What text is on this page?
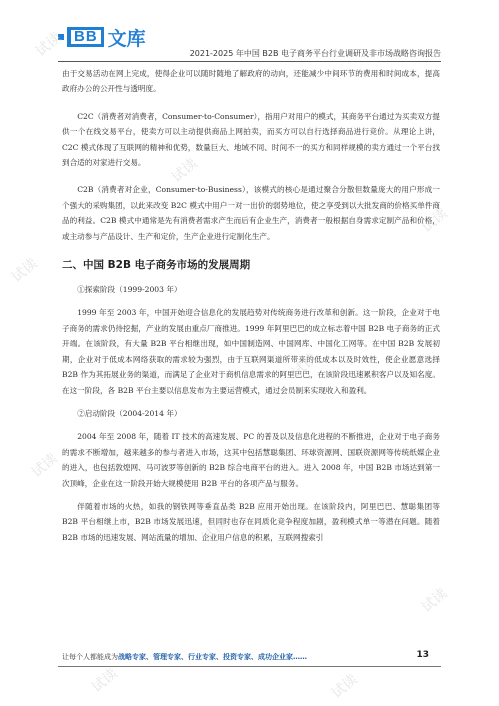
BB 文库
2021-2025 年中国 B2B 电子商务平台行业调研及非市场战略咨询报告

由于交易活动在网上完成，使得企业可以随时随地了解政府的动向，还能减少中间环节的费用和时间成本，提高政府办公的公开性与透明度。

C2C（消费者对消费者，Consumer-to-Consumer），指用户对用户的模式，其商务平台通过为买卖双方提供一个在线交易平台，使卖方可以主动提供商品上网拍卖，而买方可以自行选择商品进行竞价。从理论上讲，C2C 模式体现了互联网的精神和优势，数量巨大、地域不同、时间不一的买方和同样规模的卖方通过一个平台找到合适的对家进行交易。

C2B（消费者对企业，Consumer-to-Business），该模式的核心是通过聚合分散但数量庞大的用户形成一个强大的采购集团，以此来改变 B2C 模式中用户一对一出价的弱势地位，使之享受到以大批发商的价格买单件商品的利益。C2B 模式中通常是先有消费者需求产生而后有企业生产，消费者一般根据自身需求定制产品和价格，或主动参与产品设计、生产和定价，生产企业进行定制化生产。

二、中国 B2B 电子商务市场的发展周期

①探索阶段（1999-2003 年）

1999 年至 2003 年，中国开始迎合信息化的发展趋势对传统商务进行改革和创新。这一阶段，企业对于电子商务的需求仍待挖掘，产业的发展由重点厂商推进。1999 年阿里巴巴的成立标志着中国 B2B 电子商务的正式开端。在该阶段，有大量 B2B 平台相继出现，如中国制造网、中国网库、中国化工网等。在中国 B2B 发展初期，企业对于低成本网络获取的需求较为强烈，由于互联网渠道所带来的低成本以及时效性，使企业愿意选择 B2B 作为其拓展业务的渠道，而满足了企业对于商机信息需求的阿里巴巴，在该阶段迅速累积客户以及知名度。在这一阶段，各 B2B 平台主要以信息发布为主要运营模式，通过会员制来实现收入和盈利。

②启动阶段（2004-2014 年）

2004 年至 2008 年，随着 IT 技术的高速发展、PC 的普及以及信息化进程的不断推进，企业对于电子商务的需求不断增加，越来越多的参与者进入市场，这其中包括慧聪集团、环球资源网、国联资源网等传统纸媒企业的进入，也包括敦煌网、马可波罗等创新的 B2B 综合电商平台的进入。进入 2008 年，中国 B2B 市场达到第一次顶峰，企业在这一阶段开始大规模使用 B2B 平台的各项产品与服务。

伴随着市场的火热，如我的钢铁网等垂直品类 B2B 应用开始出现。在该阶段内，阿里巴巴、慧聪集团等 B2B 平台相继上市，B2B 市场发展迅速，但同时也存在同质化竞争程度加剧，盈利模式单一等潜在问题。随着 B2B 市场的迅速发展、网站流量的增加、企业用户信息的积累，互联网搜索引

让每个人都能成为战略专家、管理专家、行业专家、投资专家、成功企业家……	13
试读
试读
试读
试读
试读
试读
试读
试读
试读	试读
